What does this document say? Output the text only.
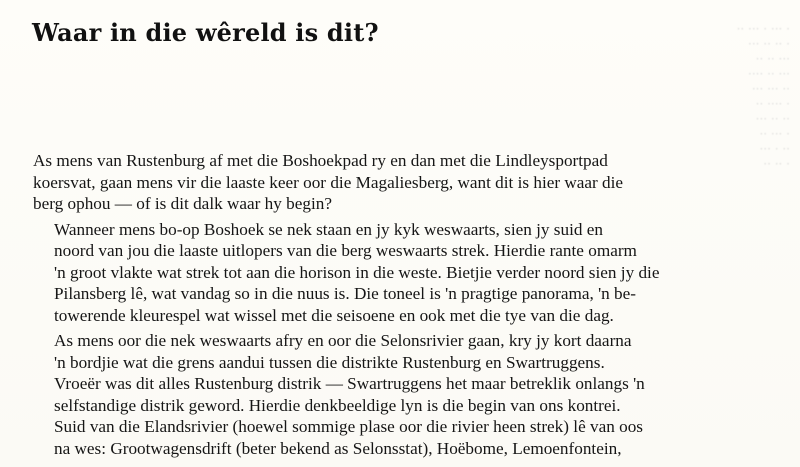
·· ··· · ··· ·
··· ·· ·· ·
·· ·· ···
···· ·· ···
··· ··· ··
·· ···· ·
··· ·· ··
·· ··· ·
··· · ··
·· ·· ·
Waar in die wêreld is dit?

As mens van Rustenburg af met die Boshoekpad ry en dan met die Lindleysportpad
koersvat, gaan mens vir die laaste keer oor die Magaliesberg, want dit is hier waar die
berg ophou — of is dit dalk waar hy begin?

Wanneer mens bo-op Boshoek se nek staan en jy kyk weswaarts, sien jy suid en
noord van jou die laaste uitlopers van die berg weswaarts strek. Hierdie rante omarm
'n groot vlakte wat strek tot aan die horison in die weste. Bietjie verder noord sien jy die
Pilansberg lê, wat vandag so in die nuus is. Die toneel is 'n pragtige panorama, 'n be-
towerende kleurespel wat wissel met die seisoene en ook met die tye van die dag.

As mens oor die nek weswaarts afry en oor die Selonsrivier gaan, kry jy kort daarna
'n bordjie wat die grens aandui tussen die distrikte Rustenburg en Swartruggens.
Vroeër was dit alles Rustenburg distrik — Swartruggens het maar betreklik onlangs 'n
selfstandige distrik geword. Hierdie denkbeeldige lyn is die begin van ons kontrei.
Suid van die Elandsrivier (hoewel sommige plase oor die rivier heen strek) lê van oos
na wes: Grootwagensdrift (beter bekend as Selonsstat), Hoëbome, Lemoenfontein,
